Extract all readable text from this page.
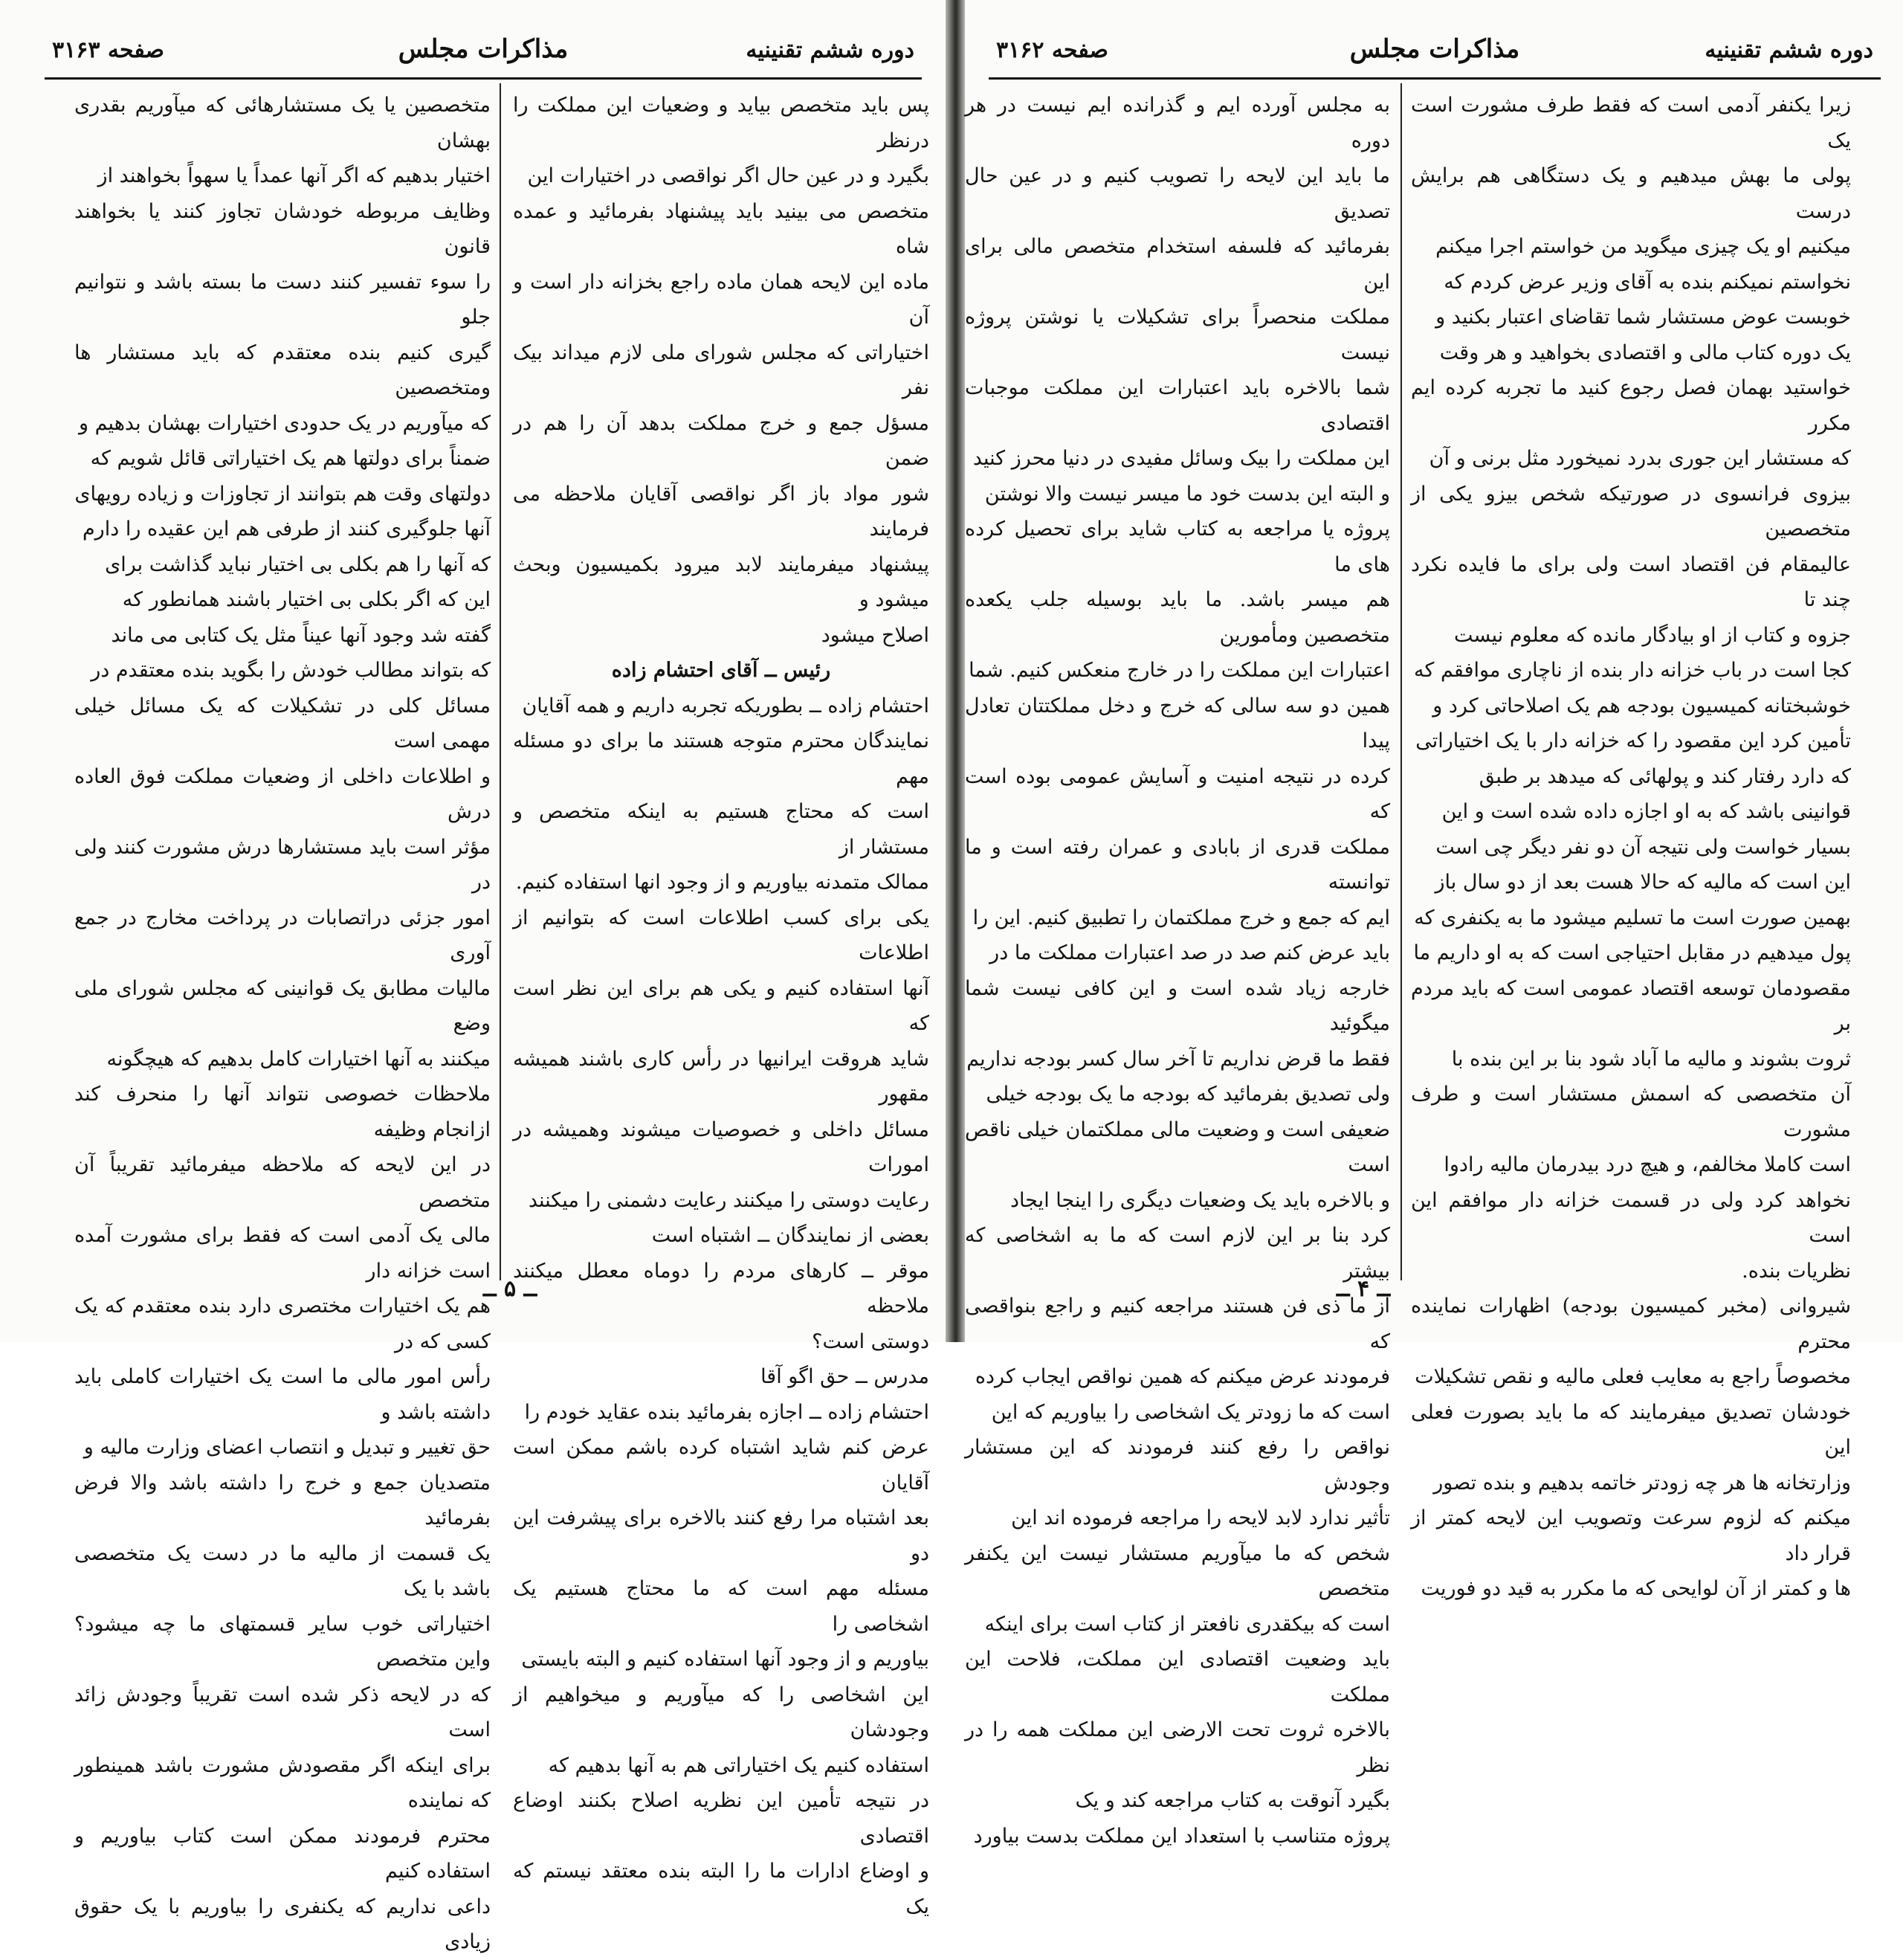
دوره ششم تقنینیه
مذاکرات مجلس
صفحه ۳۱۶۳

پس باید متخصص بیاید و وضعیات این مملکت را درنظر

بگیرد و در عین حال اگر نواقصی در اختیارات این

متخصص می بینید باید پیشنهاد بفرمائید و عمده شاه

ماده این لایحه همان ماده راجع بخزانه دار است و آن

اختیاراتی که مجلس شورای ملی لازم میداند بیک نفر

مسؤل جمع و خرج مملکت بدهد آن را هم در ضمن

شور مواد باز اگر نواقصی آقایان ملاحظه می فرمایند

پیشنهاد میفرمایند لابد میرود بکمیسیون وبحث میشود و

اصلاح میشود

رئیس ــ آقای احتشام زاده

احتشام زاده ــ بطوریکه تجربه داریم و همه آقایان

نمایندگان محترم متوجه هستند ما برای دو مسئله مهم

است که محتاج هستیم به اینکه متخصص و مستشار از

ممالک متمدنه بیاوریم و از وجود انها استفاده کنیم.

یکی برای کسب اطلاعات است که بتوانیم از اطلاعات

آنها استفاده کنیم و یکی هم برای این نظر است که

شاید هروقت ایرانیها در رأس کاری باشند همیشه مقهور

مسائل داخلی و خصوصیات میشوند وهمیشه در امورات

رعایت دوستی را میکنند رعایت دشمنی را میکنند

بعضی از نمایندگان ــ اشتباه است

موقر ــ کارهای مردم را دوماه معطل میکنند ملاحظه

دوستی است؟

مدرس ــ حق اگو آقا

احتشام زاده ــ اجازه بفرمائید بنده عقاید خودم را

عرض کنم شاید اشتباه کرده باشم ممکن است آقایان

بعد اشتباه مرا رفع کنند بالاخره برای پیشرفت این دو

مسئله مهم است که ما محتاج هستیم یک اشخاصی را

بیاوریم و از وجود آنها استفاده کنیم و البته بایستی

این اشخاصی را که میآوریم و میخواهیم از وجودشان

استفاده کنیم یک اختیاراتی هم به آنها بدهیم که

در نتیجه تأمین این نظریه اصلاح بکنند اوضاع اقتصادی

و اوضاع ادارات ما را البته بنده معتقد نیستم که یک

متخصصین یا یک مستشارهائی که میآوریم بقدری بهشان

اختیار بدهیم که اگر آنها عمداً یا سهواً بخواهند از

وظایف مربوطه خودشان تجاوز کنند یا بخواهند قانون

را سوء تفسیر کنند دست ما بسته باشد و نتوانیم جلو

گیری کنیم بنده معتقدم که باید مستشار ها ومتخصصین

که میآوریم در یک حدودی اختیارات بهشان بدهیم و

ضمناً برای دولتها هم یک اختیاراتی قائل شویم که

دولتهای وقت هم بتوانند از تجاوزات و زیاده رویهای

آنها جلوگیری کنند از طرفی هم این عقیده را دارم

که آنها را هم بکلی بی اختیار نباید گذاشت برای

این که اگر بکلی بی اختیار باشند همانطور که

گفته شد وجود آنها عیناً مثل یک کتابی می ماند

که بتواند مطالب خودش را بگوید بنده معتقدم در

مسائل کلی در تشکیلات که یک مسائل خیلی مهمی است

و اطلاعات داخلی از وضعیات مملکت فوق العاده درش

مؤثر است باید مستشارها درش مشورت کنند ولی در

امور جزئی دراتصابات در پرداخت مخارج در جمع آوری

مالیات مطابق یک قوانینی که مجلس شورای ملی وضع

میکنند به آنها اختیارات کامل بدهیم که هیچگونه

ملاحظات خصوصی نتواند آنها را منحرف کند ازانجام وظیفه

در این لایحه که ملاحظه میفرمائید تقریباً آن متخصص

مالی یک آدمی است که فقط برای مشورت آمده است خزانه دار

هم یک اختیارات مختصری دارد بنده معتقدم که یک کسی که در

رأس امور مالی ما است یک اختیارات کاملی باید داشته باشد و

حق تغییر و تبدیل و انتصاب اعضای وزارت مالیه و

متصدیان جمع و خرج را داشته باشد والا فرض بفرمائید

یک قسمت از مالیه ما در دست یک متخصصی باشد با یک

اختیاراتی خوب سایر قسمتهای ما چه میشود؟ واین متخصص

که در لایحه ذکر شده است تقریباً وجودش زائد است

برای اینکه اگر مقصودش مشورت باشد همینطور که نماینده

محترم فرمودند ممکن است کتاب بیاوریم و استفاده کنیم

داعی نداریم که یکنفری را بیاوریم با یک حقوق زیادی

ــ ۵ ــ
دوره ششم تقنینیه
مذاکرات مجلس
صفحه ۳۱۶۲

زیرا یکنفر آدمی است که فقط طرف مشورت است یک

پولی ما بهش میدهیم و یک دستگاهی هم برایش درست

میکنیم او یک چیزی میگوید من خواستم اجرا میکنم

نخواستم نمیکنم بنده به آقای وزیر عرض کردم که

خوبست عوض مستشار شما تقاضای اعتبار بکنید و

یک دوره کتاب مالی و اقتصادی بخواهید و هر وقت

خواستید بهمان فصل رجوع کنید ما تجربه کرده ایم مکرر

که مستشار این جوری بدرد نمیخورد مثل برنی و آن

بیزوی فرانسوی در صورتیکه شخص بیزو یکی از متخصصین

عالیمقام فن اقتصاد است ولی برای ما فایده نکرد چند تا

جزوه و کتاب از او بیادگار مانده که معلوم نیست

کجا است در باب خزانه دار بنده از ناچاری موافقم که

خوشبختانه کمیسیون بودجه هم یک اصلاحاتی کرد و

تأمین کرد این مقصود را که خزانه دار با یک اختیاراتی

که دارد رفتار کند و پولهائی که میدهد بر طبق

قوانینی باشد که به او اجازه داده شده است و این

بسیار خواست ولی نتیجه آن دو نفر دیگر چی است

این است که مالیه که حالا هست بعد از دو سال باز

بهمین صورت است ما تسلیم میشود ما به یکنفری که

پول میدهیم در مقابل احتیاجی است که به او داریم ما

مقصودمان توسعه اقتصاد عمومی است که باید مردم بر

ثروت بشوند و مالیه ما آباد شود بنا بر این بنده با

آن متخصصی که اسمش مستشار است و طرف مشورت

است کاملا مخالفم، و هیچ درد بیدرمان مالیه رادوا

نخواهد کرد ولی در قسمت خزانه دار موافقم این است

نظریات بنده.

شیروانی (مخبر کمیسیون بودجه) اظهارات نماینده محترم

مخصوصاً راجع به معایب فعلی مالیه و نقص تشکیلات

خودشان تصدیق میفرمایند که ما باید بصورت فعلی این

وزارتخانه ها هر چه زودتر خاتمه بدهیم و بنده تصور

میکنم که لزوم سرعت وتصویب این لایحه کمتر از قرار داد

ها و کمتر از آن لوایحی که ما مکرر به قید دو فوریت

به مجلس آورده ایم و گذرانده ایم نیست در هر دوره

ما باید این لایحه را تصویب کنیم و در عین حال تصدیق

بفرمائید که فلسفه استخدام متخصص مالی برای این

مملکت منحصراً برای تشکیلات یا نوشتن پروژه نیست

شما بالاخره باید اعتبارات این مملکت موجبات اقتصادی

این مملکت را بیک وسائل مفیدی در دنیا محرز کنید

و البته این بدست خود ما میسر نیست والا نوشتن

پروژه یا مراجعه به کتاب شاید برای تحصیل کرده های ما

هم میسر باشد. ما باید بوسیله جلب یکعده متخصصین ومأمورین

اعتبارات این مملکت را در خارج منعکس کنیم. شما

همین دو سه سالی که خرج و دخل مملکتتان تعادل پیدا

کرده در نتیجه امنیت و آسایش عمومی بوده است که

مملکت قدری از بابادی و عمران رفته است و ما توانسته

ایم که جمع و خرج مملکتمان را تطبیق کنیم. این را

باید عرض کنم صد در صد اعتبارات مملکت ما در

خارجه زیاد شده است و این کافی نیست شما میگوئید

فقط ما قرض نداریم تا آخر سال کسر بودجه نداریم

ولی تصدیق بفرمائید که بودجه ما یک بودجه خیلی

ضعیفی است و وضعیت مالی مملکتمان خیلی ناقص است

و بالاخره باید یک وضعیات دیگری را اینجا ایجاد

کرد بنا بر این لازم است که ما به اشخاصی که بیشتر

از ما ذی فن هستند مراجعه کنیم و راجع بنواقصی که

فرمودند عرض میکنم که همین نواقص ایجاب کرده

است که ما زودتر یک اشخاصی را بیاوریم که این

نواقص را رفع کنند فرمودند که این مستشار وجودش

تأثیر ندارد لابد لایحه را مراجعه فرموده اند این

شخص که ما میآوریم مستشار نیست این یکنفر متخصص

است که بیکقدری نافعتر از کتاب است برای اینکه

باید وضعیت اقتصادی این مملکت، فلاحت این مملکت

بالاخره ثروت تحت الارضی این مملکت همه را در نظر

بگیرد آنوقت به کتاب مراجعه کند و یک

پروژه متناسب با استعداد این مملکت بدست بیاورد

ــ ۴ ــ
